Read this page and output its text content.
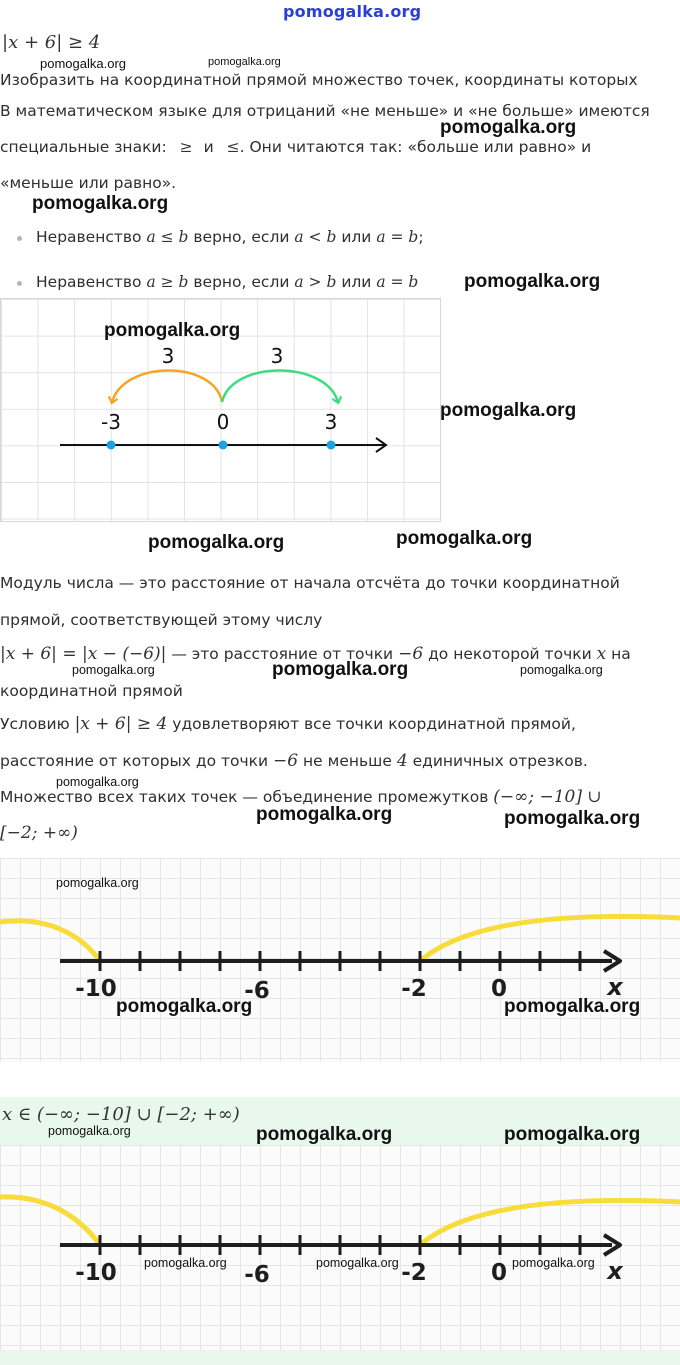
pomogalka.org
|x + 6| ≥ 4
pomogalka.org	pomogalka.org
Изобразить на координатной прямой множество точек, координаты которых
В математическом языке для отрицаний «не меньше» и «не больше» имеются
pomogalka.org
специальные знаки: ≥ и ≤. Они читаются так: «больше или равно» и
«меньше или равно».
pomogalka.org
Неравенство a ≤ b верно, если a < b или a = b;
Неравенство a ≥ b верно, если a > b или a = b pomogalka.org
3	3
-3	0	3
pomogalka.org
pomogalka.org
pomogalka.org	pomogalka.org
Модуль числа — это расстояние от начала отсчёта до точки координатной
прямой, соответствующей этому числу
|x + 6| = |x − (−6)| — это расстояние от точки −6 до некоторой точки x на
pomogalka.org	pomogalka.org	pomogalka.org
координатной прямой
Условию |x + 6| ≥ 4 удовлетворяют все точки координатной прямой,
расстояние от которых до точки −6 не меньше 4 единичных отрезков.
pomogalka.org
Множество всех таких точек — объединение промежутков (−∞; −10] ∪
[−2; +∞)
pomogalka.org	pomogalka.org
-10	-6	-2	0	x
pomogalka.org
pomogalka.org	pomogalka.org
x ∈ (−∞; −10] ∪ [−2; +∞)
pomogalka.org	pomogalka.org	pomogalka.org
-10	-6	-2	0	x
pomogalka.org	pomogalka.org	pomogalka.org
